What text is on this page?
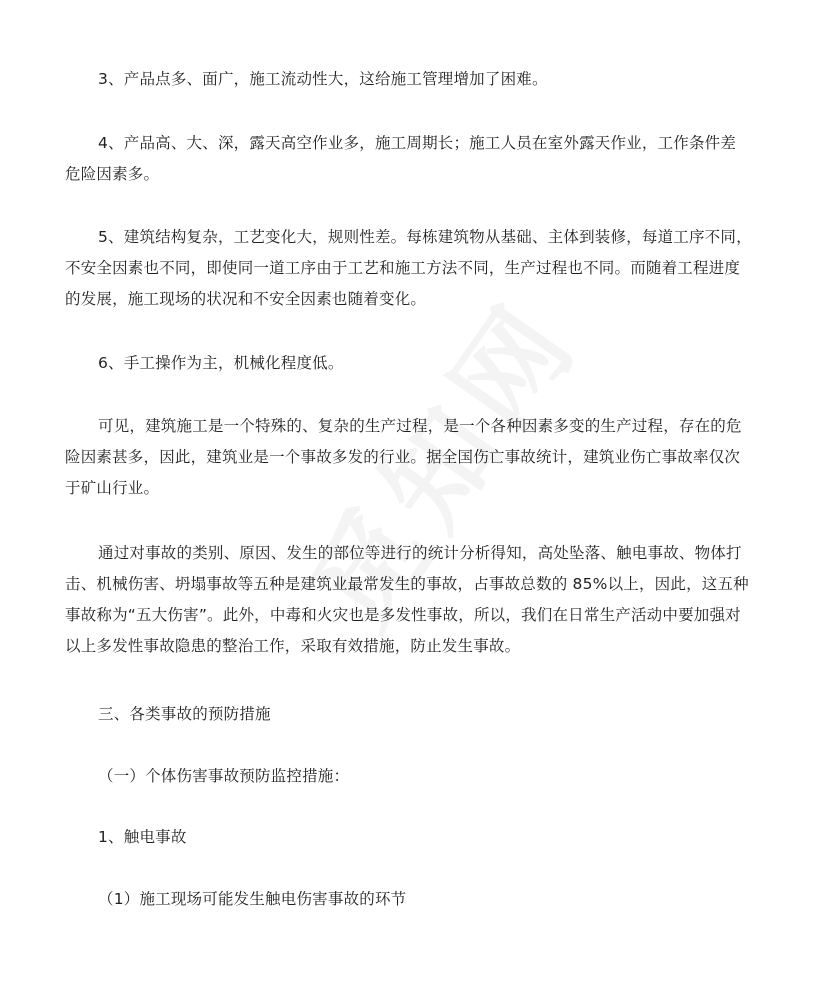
3、产品点多、面广，施工流动性大，这给施工管理增加了困难。

4、产品高、大、深，露天高空作业多，施工周期长；施工人员在室外露天作业，工作条件差
危险因素多。

5、建筑结构复杂，工艺变化大，规则性差。每栋建筑物从基础、主体到装修，每道工序不同，
不安全因素也不同，即使同一道工序由于工艺和施工方法不同，生产过程也不同。而随着工程进度
的发展，施工现场的状况和不安全因素也随着变化。

6、手工操作为主，机械化程度低。

可见，建筑施工是一个特殊的、复杂的生产过程，是一个各种因素多变的生产过程，存在的危
险因素甚多，因此，建筑业是一个事故多发的行业。据全国伤亡事故统计，建筑业伤亡事故率仅次
于矿山行业。

通过对事故的类别、原因、发生的部位等进行的统计分析得知，高处坠落、触电事故、物体打
击、机械伤害、坍塌事故等五种是建筑业最常发生的事故，占事故总数的 85%以上，因此，这五种
事故称为“五大伤害”。此外，中毒和火灾也是多发性事故，所以，我们在日常生产活动中要加强对
以上多发性事故隐患的整治工作，采取有效措施，防止发生事故。

三、各类事故的预防措施

（一）个体伤害事故预防监控措施：

1、触电事故

（1）施工现场可能发生触电伤害事故的环节
